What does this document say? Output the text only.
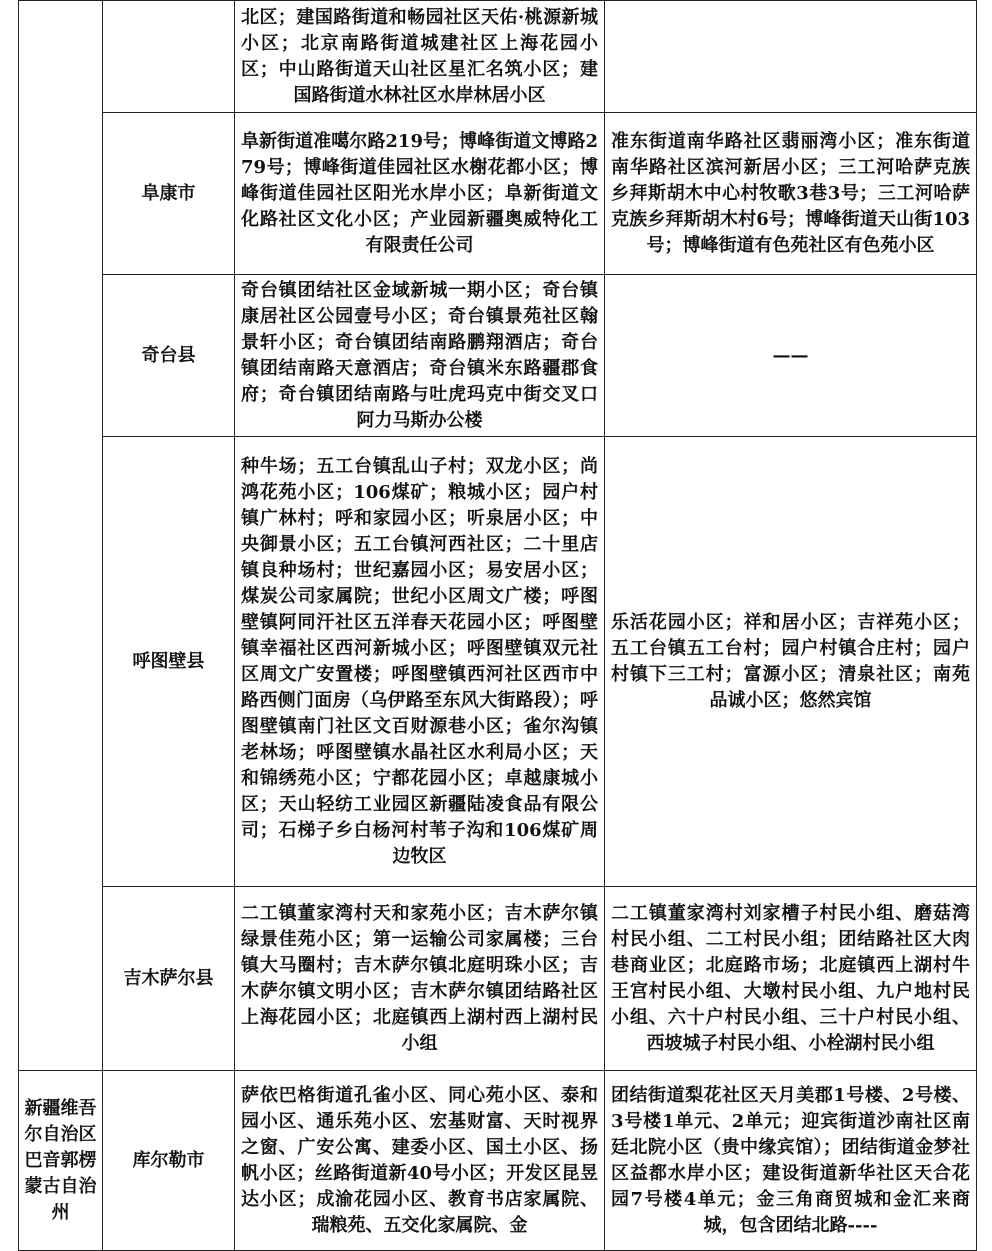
		北区；建国路街道和畅园社区天佑·桃源新城小区；北京南路街道城建社区上海花园小区；中山路街道天山社区星汇名筑小区；建国路街道水林社区水岸林居小区	
	阜康市	阜新街道准噶尔路219号；博峰街道文博路279号；博峰街道佳园社区水榭花都小区；博峰街道佳园社区阳光水岸小区；阜新街道文化路社区文化小区；产业园新疆奥威特化工有限责任公司	准东街道南华路社区翡丽湾小区；准东街道南华路社区滨河新居小区；三工河哈萨克族乡拜斯胡木中心村牧歌3巷3号；三工河哈萨克族乡拜斯胡木村6号；博峰街道天山街103号；博峰街道有色苑社区有色苑小区
	奇台县	奇台镇团结社区金域新城一期小区；奇台镇康居社区公园壹号小区；奇台镇景苑社区翰景轩小区；奇台镇团结南路鹏翔酒店；奇台镇团结南路天意酒店；奇台镇米东路疆郡食府；奇台镇团结南路与吐虎玛克中街交叉口阿力马斯办公楼	——
	呼图壁县	种牛场；五工台镇乱山子村；双龙小区；尚鸿花苑小区；106煤矿；粮城小区；园户村镇广林村；呼和家园小区；听泉居小区；中央御景小区；五工台镇河西社区；二十里店镇良种场村；世纪嘉园小区；易安居小区；煤炭公司家属院；世纪小区周文广楼；呼图壁镇阿同汗社区五洋春天花园小区；呼图壁镇幸福社区西河新城小区；呼图壁镇双元社区周文广安置楼；呼图壁镇西河社区西市中路西侧门面房（乌伊路至东风大街路段）；呼图壁镇南门社区文百财源巷小区；雀尔沟镇老林场；呼图壁镇水晶社区水利局小区；天和锦绣苑小区；宁都花园小区；卓越康城小区；天山轻纺工业园区新疆陆凌食品有限公司；石梯子乡白杨河村苇子沟和106煤矿周边牧区	乐活花园小区；祥和居小区；吉祥苑小区；五工台镇五工台村；园户村镇合庄村；园户村镇下三工村；富源小区；清泉社区；南苑品诚小区；悠然宾馆
	吉木萨尔县	二工镇董家湾村天和家苑小区；吉木萨尔镇绿景佳苑小区；第一运输公司家属楼；三台镇大马圈村；吉木萨尔镇北庭明珠小区；吉木萨尔镇文明小区；吉木萨尔镇团结路社区上海花园小区；北庭镇西上湖村西上湖村民小组	二工镇董家湾村刘家槽子村民小组、磨菇湾村民小组、二工村民小组；团结路社区大肉巷商业区；北庭路市场；北庭镇西上湖村牛王宫村民小组、大墩村民小组、九户地村民小组、六十户村民小组、三十户村民小组、西坡城子村民小组、小栓湖村民小组
新疆维吾尔自治区巴音郭楞蒙古自治州	库尔勒市	萨依巴格街道孔雀小区、同心苑小区、泰和园小区、通乐苑小区、宏基财富、天时视界之窗、广安公寓、建委小区、国土小区、扬帆小区；丝路街道新40号小区；开发区昆昱达小区；成渝花园小区、教育书店家属院、瑞粮苑、五交化家属院、金	团结街道梨花社区天月美郡1号楼、2号楼、3号楼1单元、2单元；迎宾街道沙南社区南廷北院小区（贵中缘宾馆）；团结街道金梦社区益都水岸小区；建设街道新华社区天合花园7号楼4单元；金三角商贸城和金汇来商城，包含团结北路----
